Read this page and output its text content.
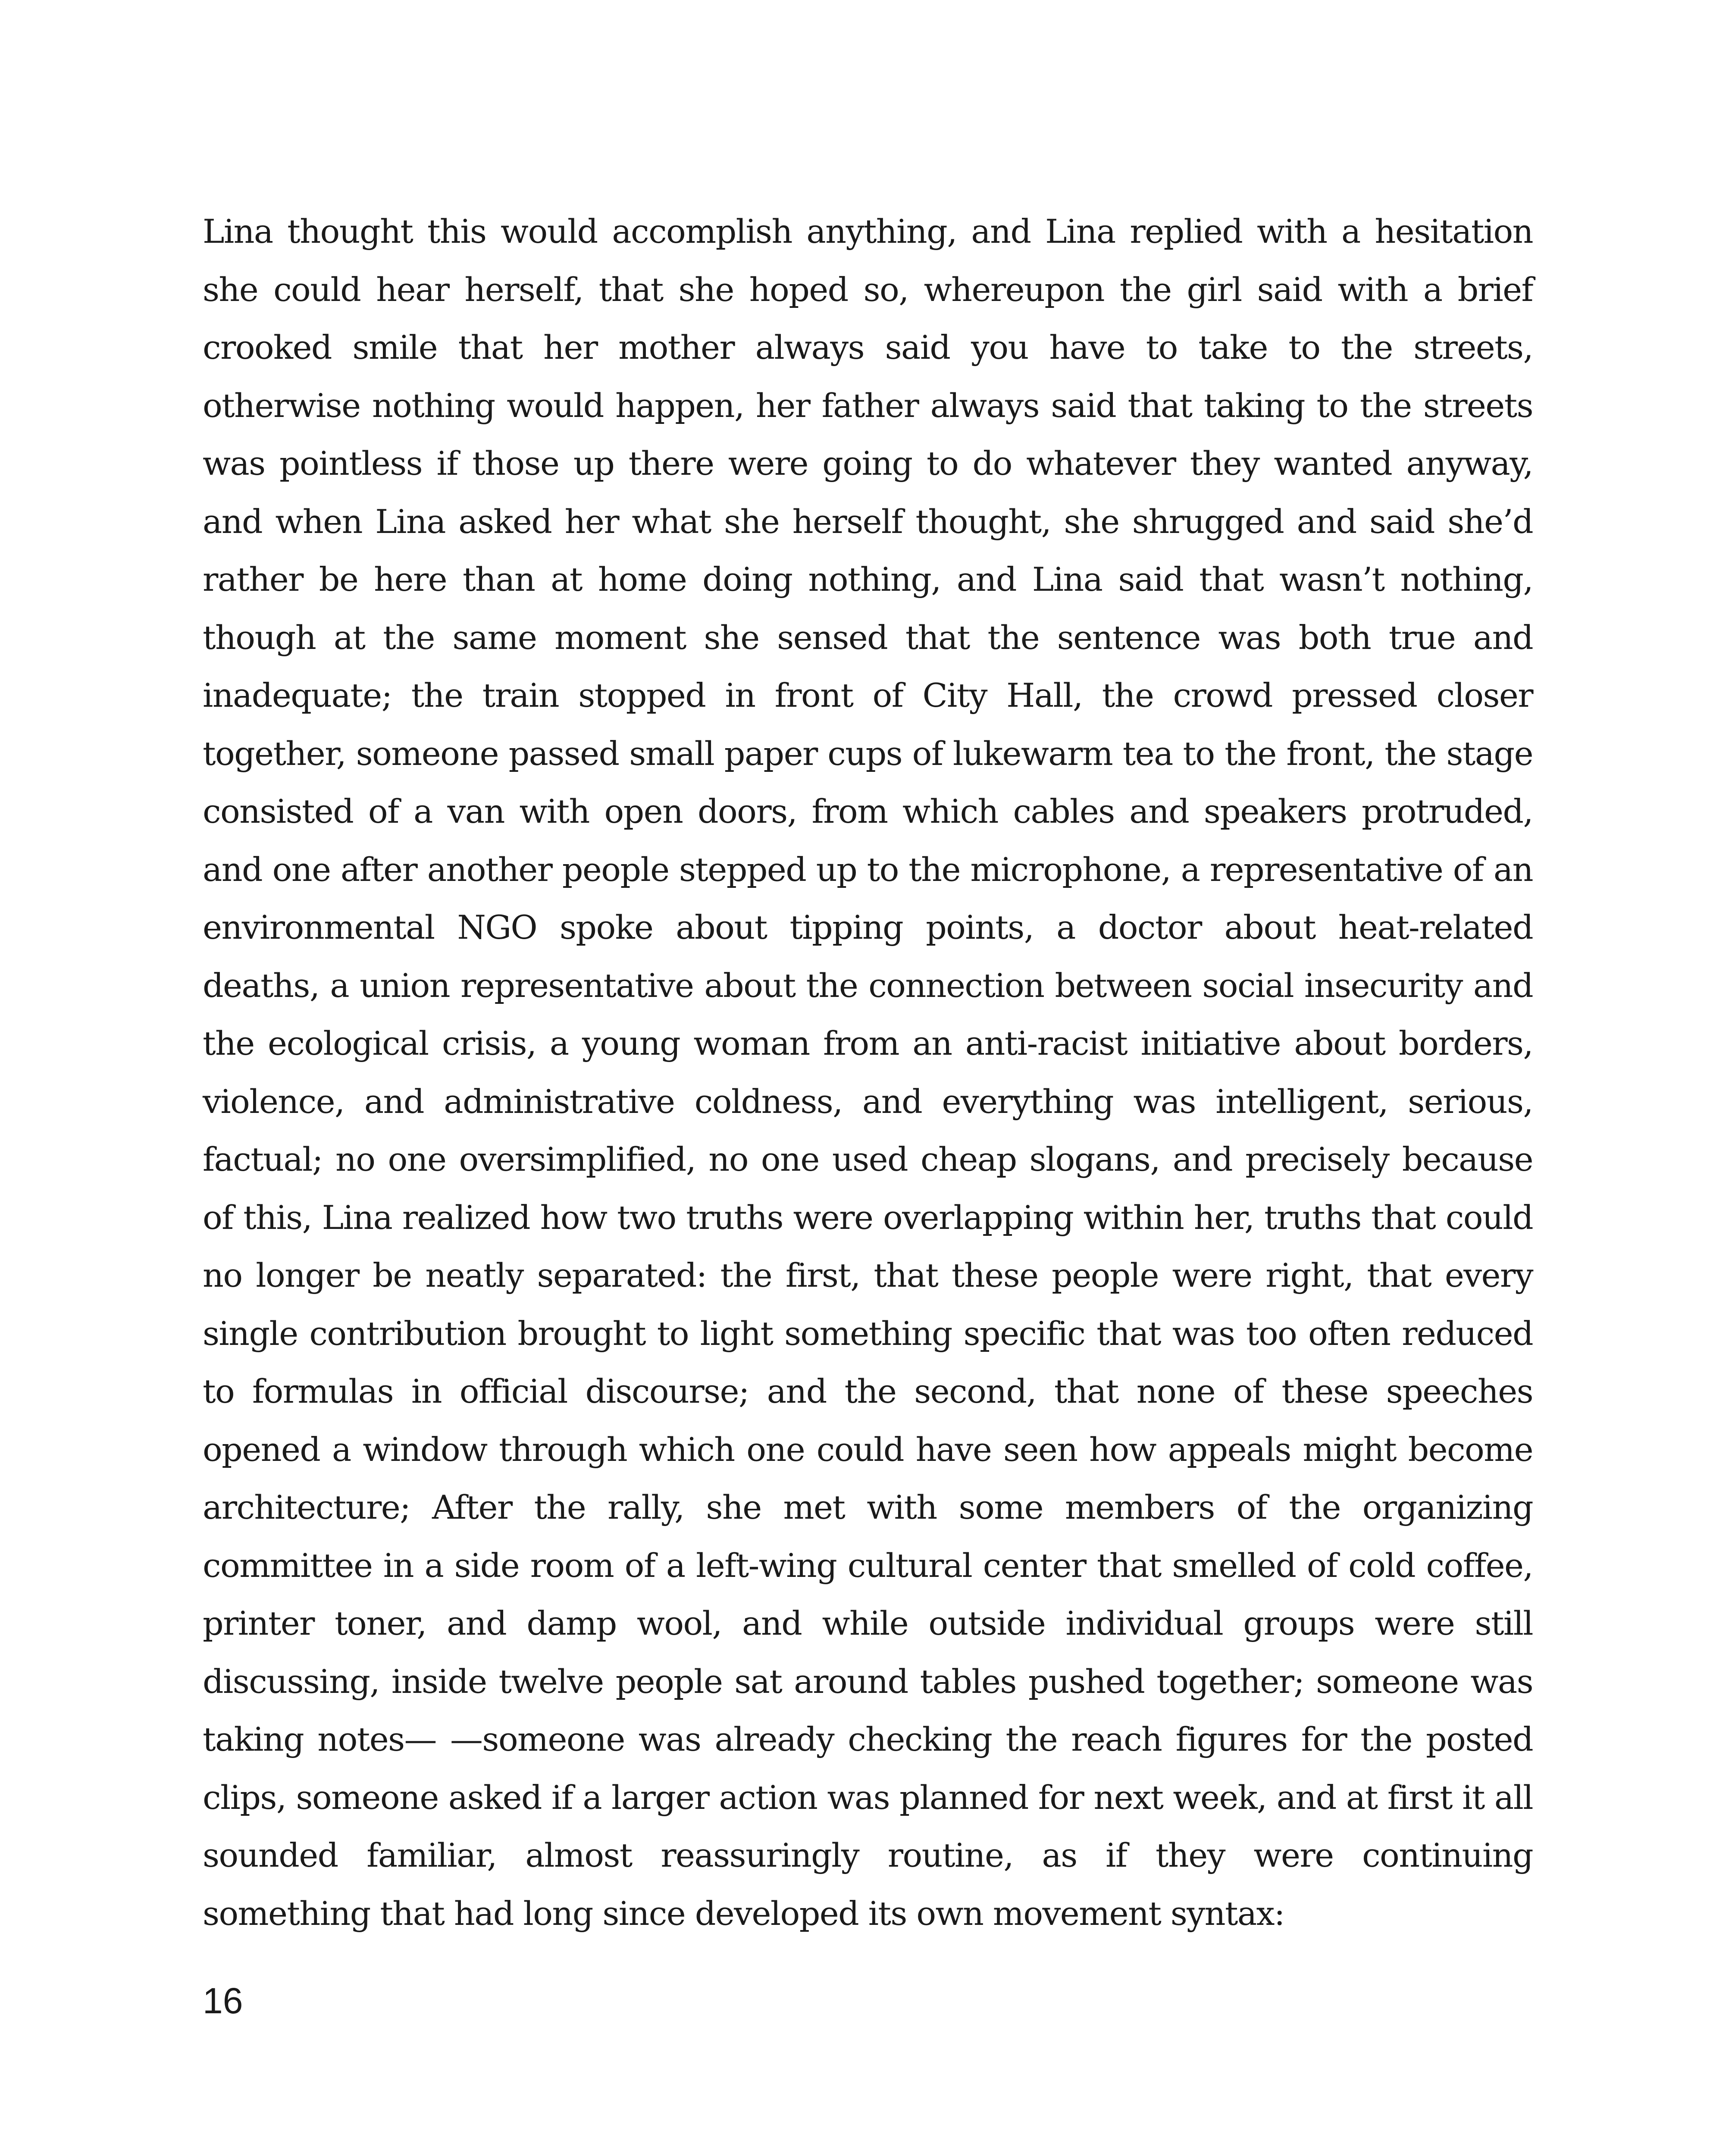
Lina thought this would accomplish anything, and Lina replied with a hesitation she could hear herself, that she hoped so, whereupon the girl said with a brief crooked smile that her mother always said you have to take to the streets, otherwise nothing would happen, her father always said that taking to the streets was pointless if those up there were going to do whatever they wanted anyway, and when Lina asked her what she herself thought, she shrugged and said she’d rather be here than at home doing nothing, and Lina said that wasn’t nothing, though at the same moment she sensed that the sentence was both true and inadequate; the train stopped in front of City Hall, the crowd pressed closer together, someone passed small paper cups of lukewarm tea to the front, the stage consisted of a van with open doors, from which cables and speakers protruded, and one after another people stepped up to the microphone, a representative of an environmental NGO spoke about tipping points, a doctor about heat-related deaths, a union representative about the connection between social insecurity and the ecological crisis, a young woman from an anti-racist initiative about borders, violence, and administrative coldness, and everything was intelligent, serious, factual; no one oversimplified, no one used cheap slogans, and precisely because of this, Lina realized how two truths were overlapping within her, truths that could no longer be neatly separated: the first, that these people were right, that every single contribution brought to light something specific that was too often reduced to formulas in official discourse; and the second, that none of these speeches opened a window through which one could have seen how appeals might become architecture; After the rally, she met with some members of the organizing committee in a side room of a left-wing cultural center that smelled of cold coffee, printer toner, and damp wool, and while outside individual groups were still discussing, inside twelve people sat around tables pushed together; someone was taking notes— —someone was already checking the reach figures for the posted clips, someone asked if a larger action was planned for next week, and at first it all sounded familiar, almost reassuringly routine, as if they were continuing something that had long since developed its own movement syntax:

16
